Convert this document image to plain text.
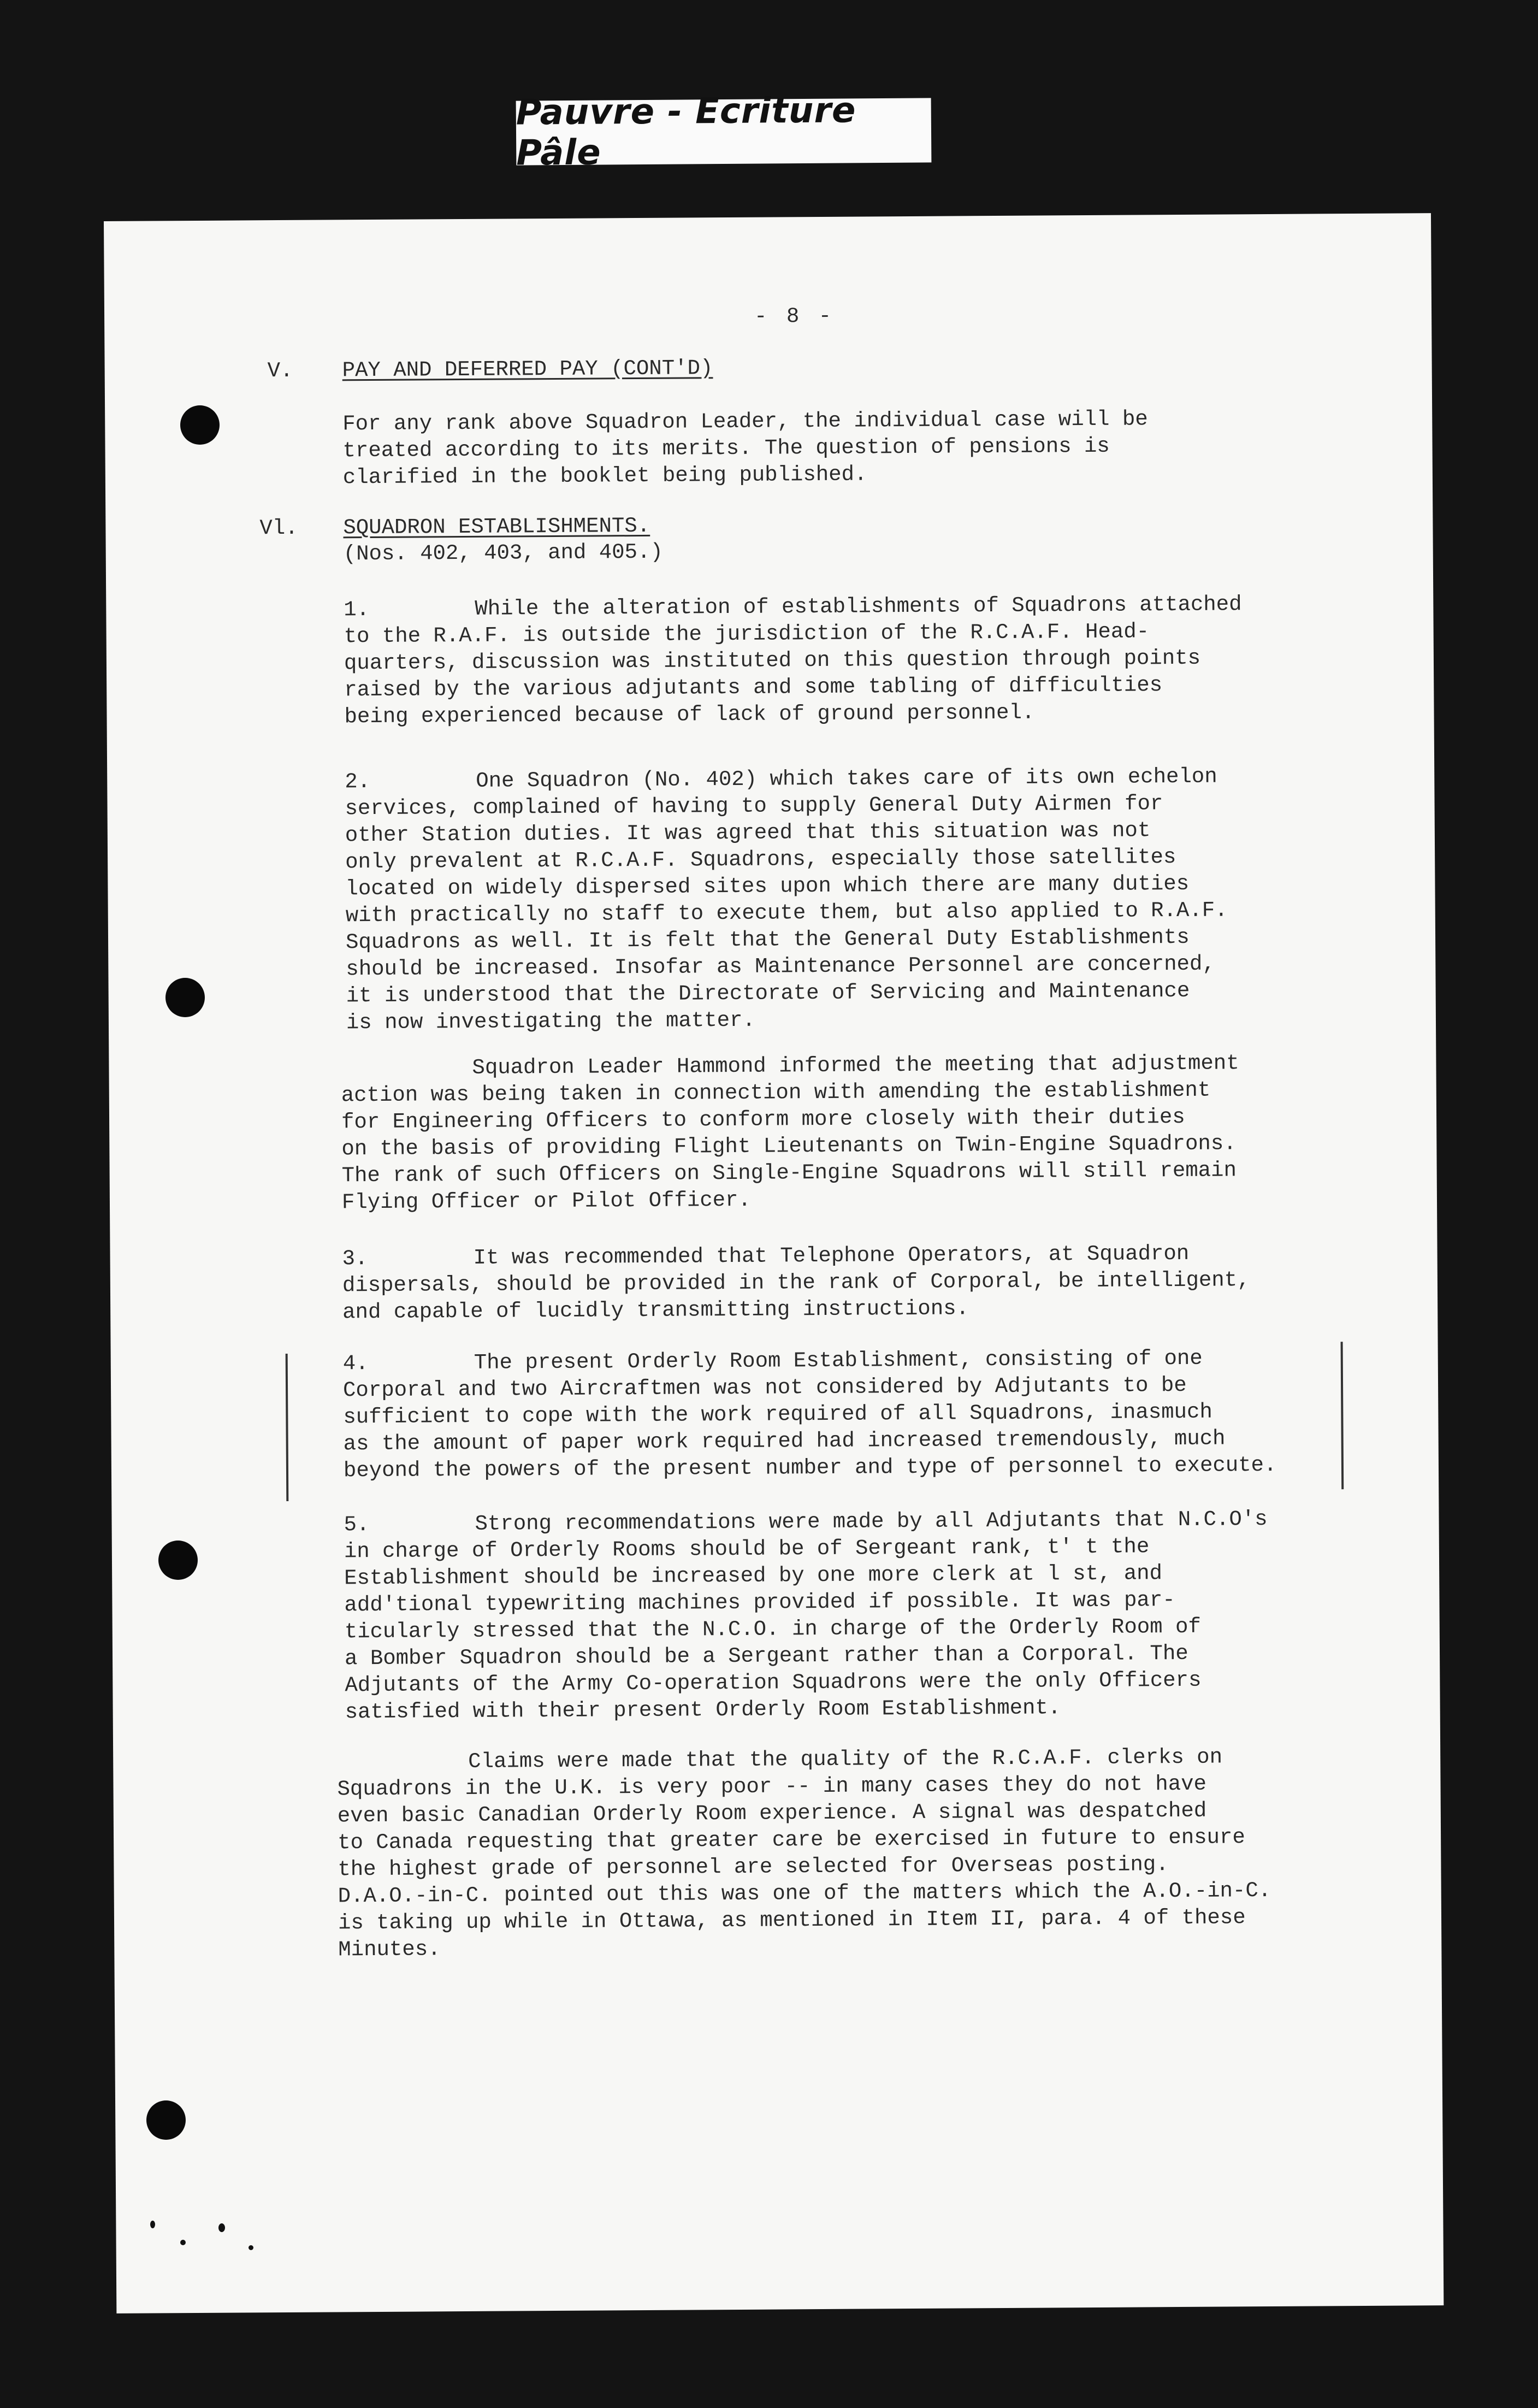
Pauvre - Ecriture Pâle
- 8 -
V. PAY AND DEFERRED PAY (CONT'D)

For any rank above Squadron Leader, the individual case will be
treated according to its merits. The question of pensions is
clarified in the booklet being published.

Vl. SQUADRON ESTABLISHMENTS.
(Nos. 402, 403, and 405.)

1.	While the alteration of establishments of Squadrons attached
to the R.A.F. is outside the jurisdiction of the R.C.A.F. Head-
quarters, discussion was instituted on this question through points
raised by the various adjutants and some tabling of difficulties
being experienced because of lack of ground personnel.

2.	One Squadron (No. 402) which takes care of its own echelon
services, complained of having to supply General Duty Airmen for
other Station duties. It was agreed that this situation was not
only prevalent at R.C.A.F. Squadrons, especially those satellites
located on widely dispersed sites upon which there are many duties
with practically no staff to execute them, but also applied to R.A.F.
Squadrons as well. It is felt that the General Duty Establishments
should be increased. Insofar as Maintenance Personnel are concerned,
it is understood that the Directorate of Servicing and Maintenance
is now investigating the matter.

Squadron Leader Hammond informed the meeting that adjustment
action was being taken in connection with amending the establishment
for Engineering Officers to conform more closely with their duties
on the basis of providing Flight Lieutenants on Twin-Engine Squadrons.
The rank of such Officers on Single-Engine Squadrons will still remain
Flying Officer or Pilot Officer.

3.	It was recommended that Telephone Operators, at Squadron
dispersals, should be provided in the rank of Corporal, be intelligent,
and capable of lucidly transmitting instructions.

4.	The present Orderly Room Establishment, consisting of one
Corporal and two Aircraftmen was not considered by Adjutants to be
sufficient to cope with the work required of all Squadrons, inasmuch
as the amount of paper work required had increased tremendously, much
beyond the powers of the present number and type of personnel to execute.

5.	Strong recommendations were made by all Adjutants that N.C.O's
in charge of Orderly Rooms should be of Sergeant rank, t' t the
Establishment should be increased by one more clerk at l st, and
add'tional typewriting machines provided if possible. It was par-
ticularly stressed that the N.C.O. in charge of the Orderly Room of
a Bomber Squadron should be a Sergeant rather than a Corporal. The
Adjutants of the Army Co-operation Squadrons were the only Officers
satisfied with their present Orderly Room Establishment.

Claims were made that the quality of the R.C.A.F. clerks on
Squadrons in the U.K. is very poor -- in many cases they do not have
even basic Canadian Orderly Room experience. A signal was despatched
to Canada requesting that greater care be exercised in future to ensure
the highest grade of personnel are selected for Overseas posting.
D.A.O.-in-C. pointed out this was one of the matters which the A.O.-in-C.
is taking up while in Ottawa, as mentioned in Item II, para. 4 of these
Minutes.
